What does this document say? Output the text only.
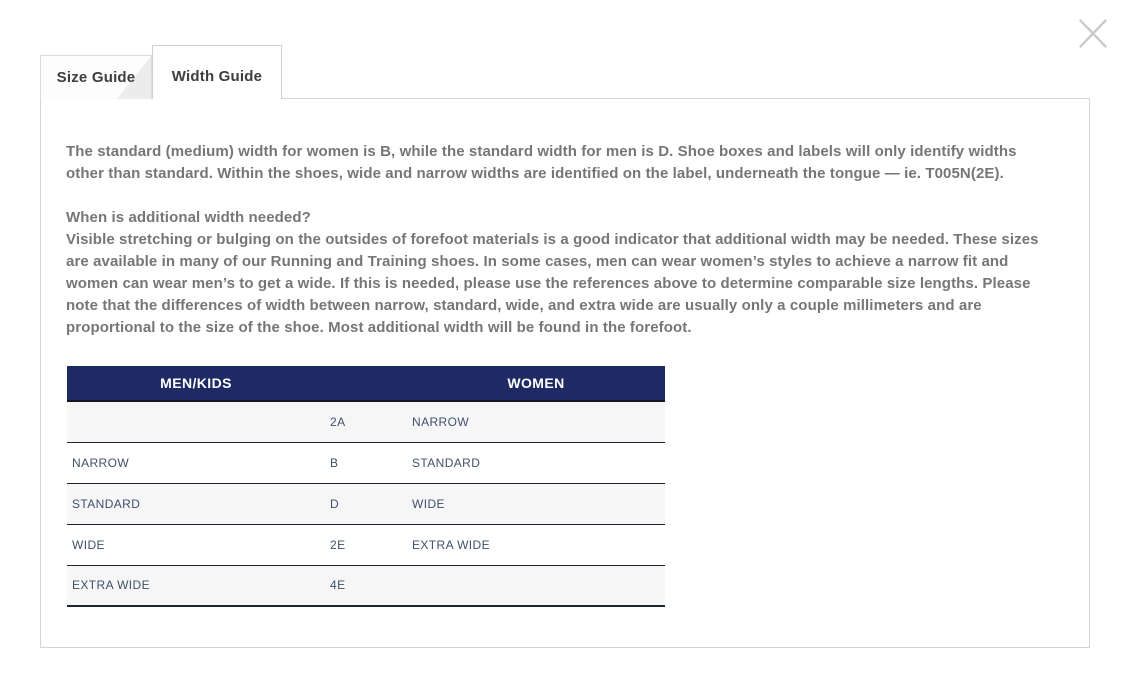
Size Guide Width Guide

The standard (medium) width for women is B, while the standard width for men is D. Shoe boxes and labels will only identify widths other than standard. Within the shoes, wide and narrow widths are identified on the label, underneath the tongue — ie. T005N(2E).

When is additional width needed?

Visible stretching or bulging on the outsides of forefoot materials is a good indicator that additional width may be needed. These sizes are available in many of our Running and Training shoes. In some cases, men can wear women’s styles to achieve a narrow fit and women can wear men’s to get a wide. If this is needed, please use the references above to determine comparable size lengths. Please note that the differences of width between narrow, standard, wide, and extra wide are usually only a couple millimeters and are proportional to the size of the shoe. Most additional width will be found in the forefoot.

MEN/KIDS		WOMEN
	2A	NARROW
NARROW	B	STANDARD
STANDARD	D	WIDE
WIDE	2E	EXTRA WIDE
EXTRA WIDE	4E	
